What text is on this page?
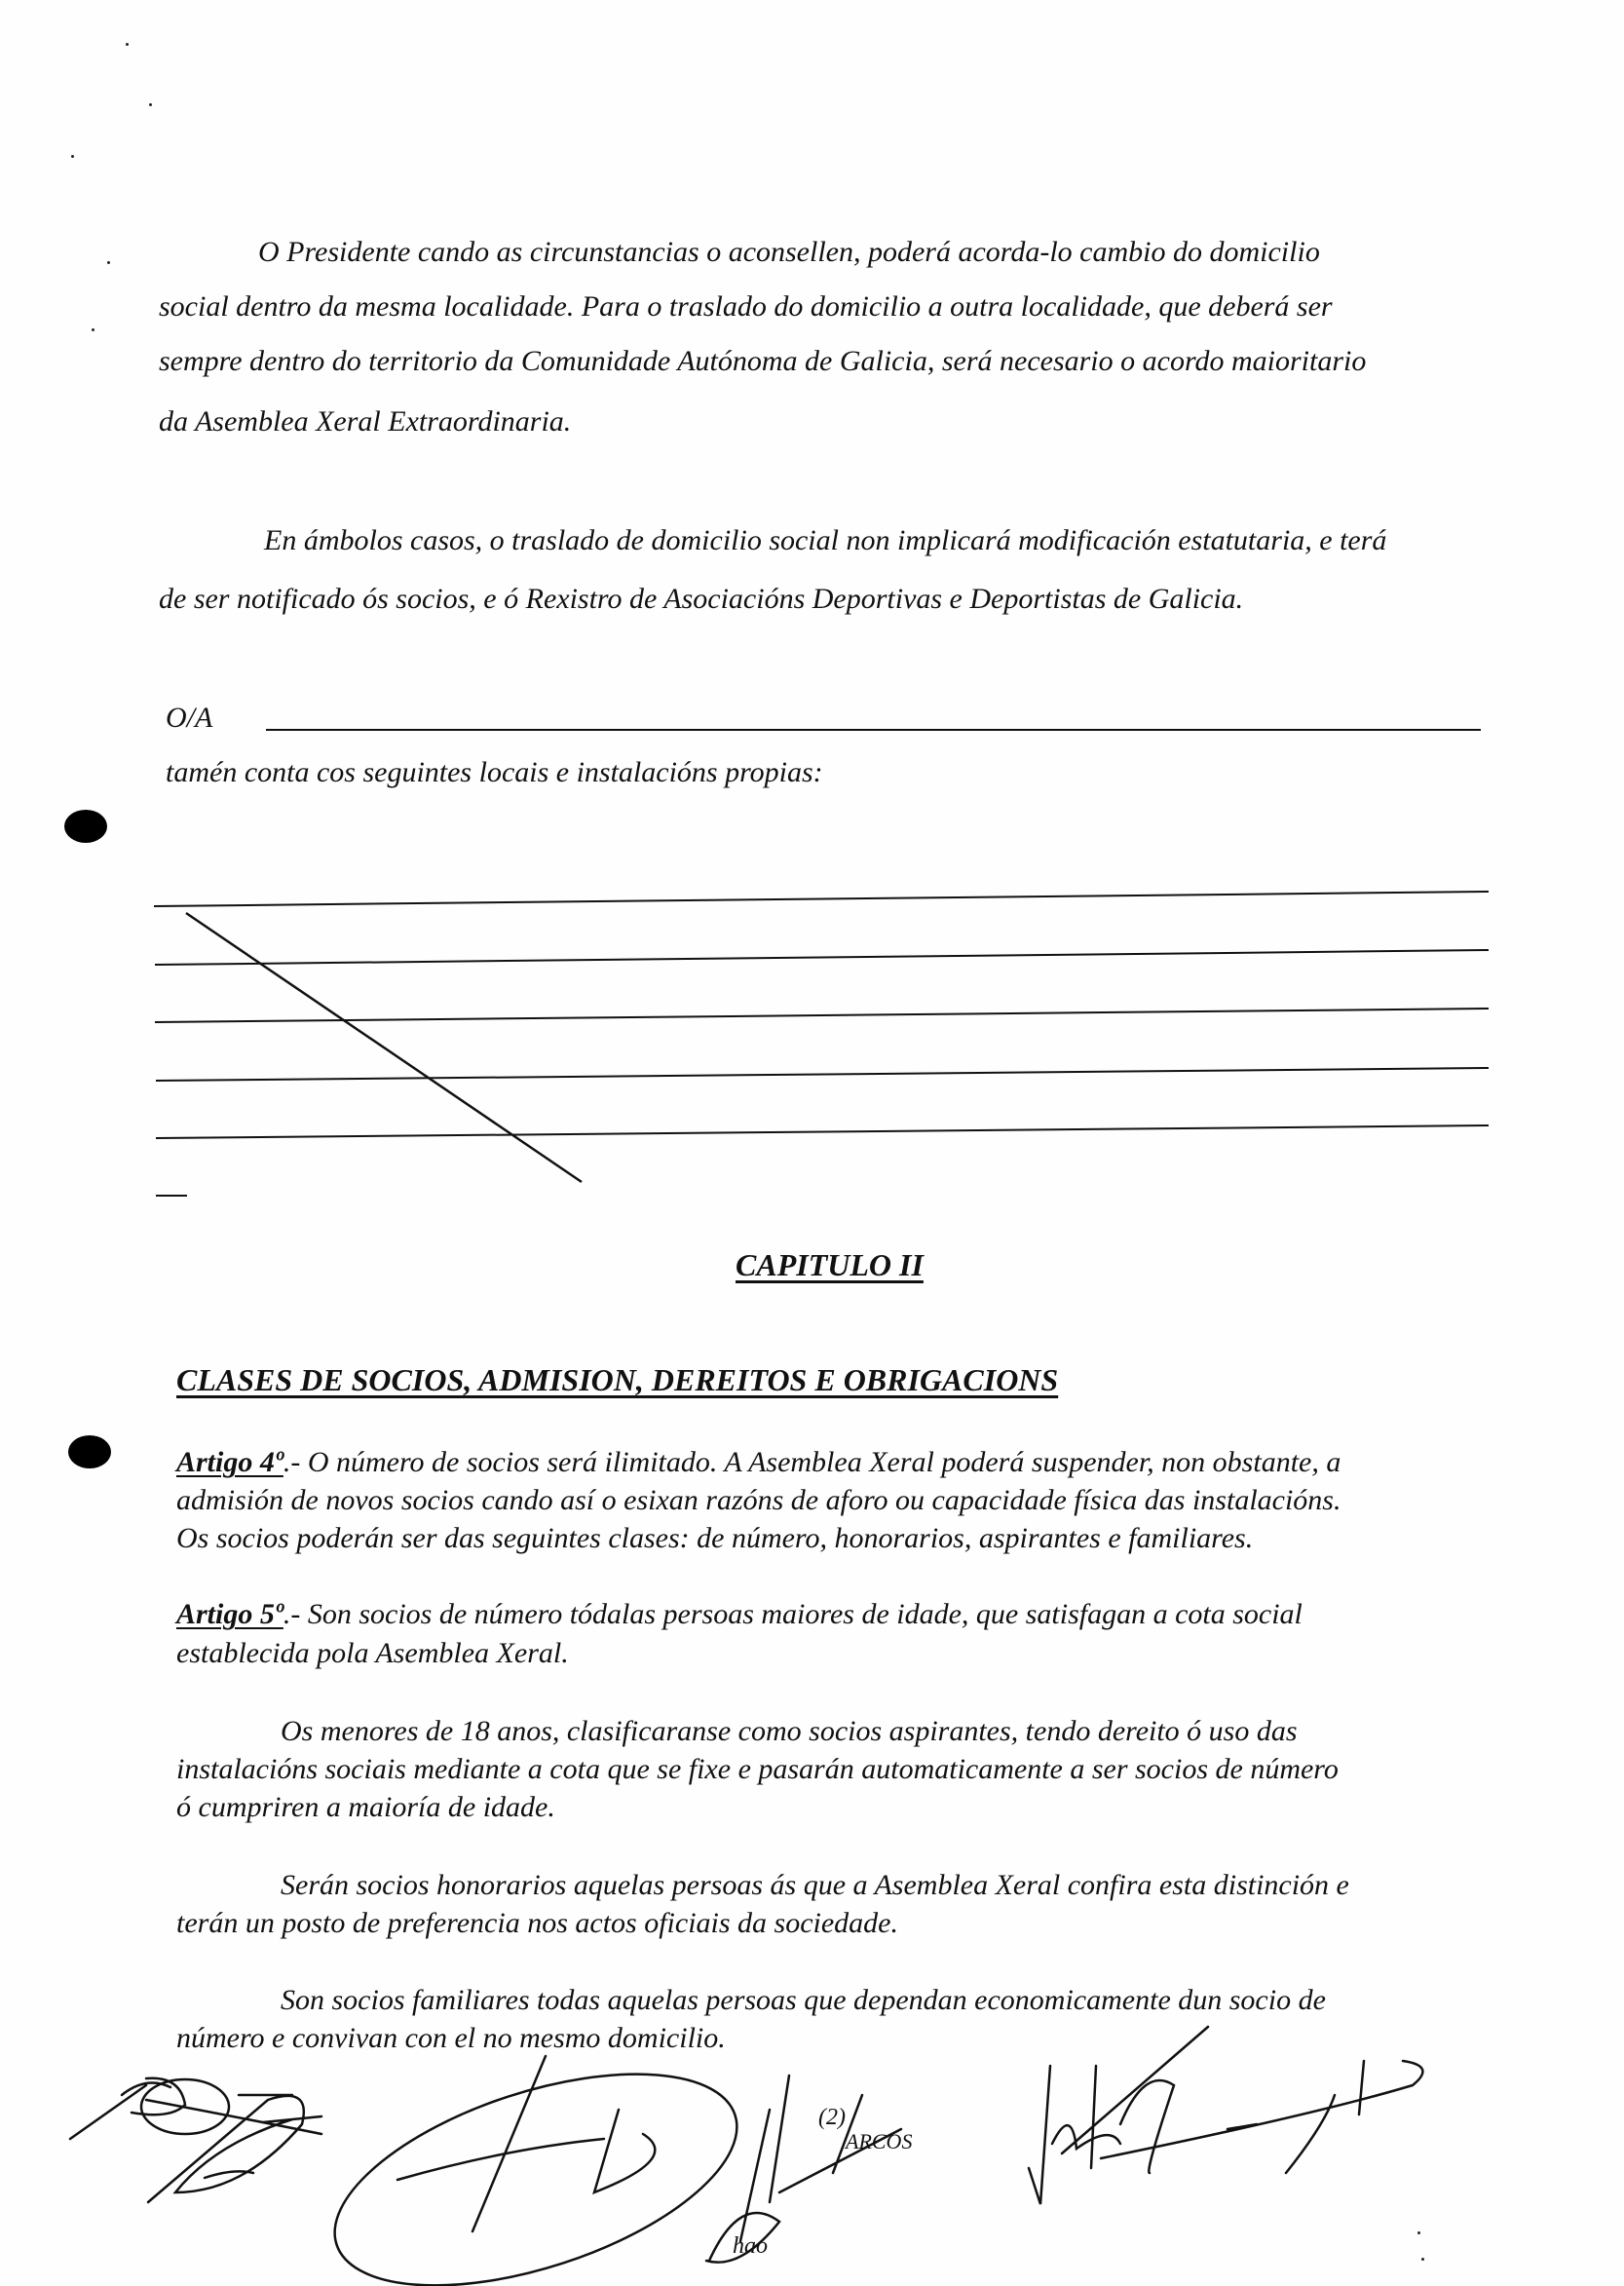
O Presidente cando as circunstancias o aconsellen, poderá acorda-lo cambio do domicilio
social dentro da mesma localidade. Para o traslado do domicilio a outra localidade, que deberá ser
sempre dentro do territorio da Comunidade Autónoma de Galicia, será necesario o acordo maioritario
da Asemblea Xeral Extraordinaria.
En ámbolos casos, o traslado de domicilio social non implicará modificación estatutaria, e terá
de ser notificado ós socios, e ó Rexistro de Asociacións Deportivas e Deportistas de Galicia.
O/A
tamén conta cos seguintes locais e instalacións propias:
CAPITULO II
CLASES DE SOCIOS, ADMISION, DEREITOS E OBRIGACIONS
Artigo 4º.- O número de socios será ilimitado. A Asemblea Xeral poderá suspender, non obstante, a
admisión de novos socios cando así o esixan razóns de aforo ou capacidade física das instalacións.
Os socios poderán ser das seguintes clases: de número, honorarios, aspirantes e familiares.
Artigo 5º.- Son socios de número tódalas persoas maiores de idade, que satisfagan a cota social
establecida pola Asemblea Xeral.
Os menores de 18 anos, clasificaranse como socios aspirantes, tendo dereito ó uso das
instalacións sociais mediante a cota que se fixe e pasarán automaticamente a ser socios de número
ó cumpriren a maioría de idade.
Serán socios honorarios aquelas persoas ás que a Asemblea Xeral confira esta distinción e
terán un posto de preferencia nos actos oficiais da sociedade.
Son socios familiares todas aquelas persoas que dependan economicamente dun socio de
número e convivan con el no mesmo domicilio.
(2)
ARCOS
hao
